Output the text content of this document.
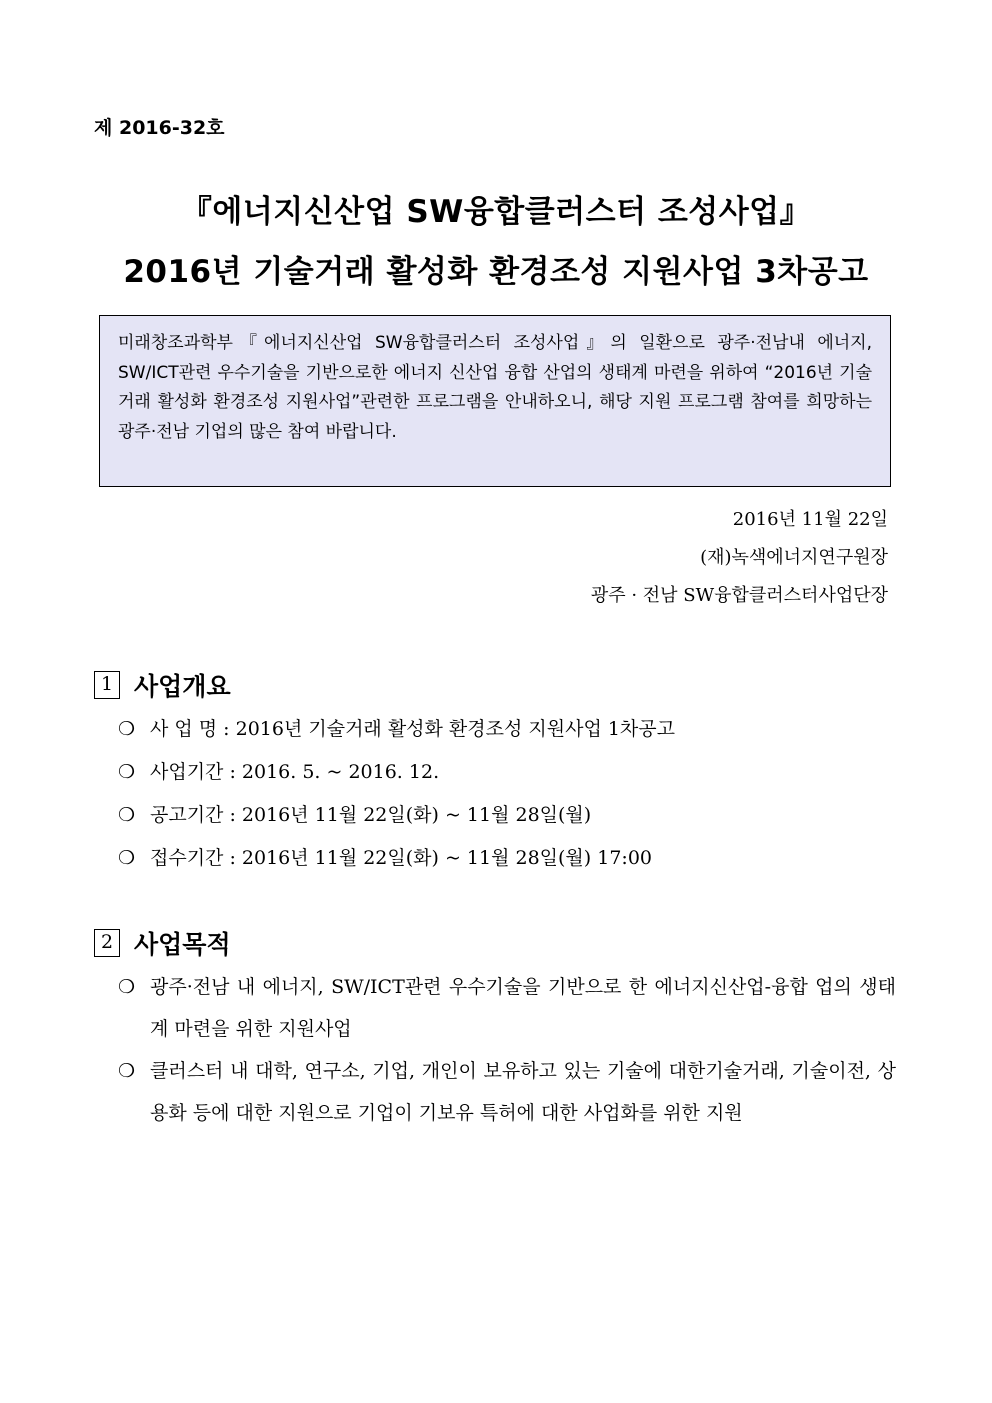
제 2016-32호
『에너지신산업 SW융합클러스터 조성사업』
2016년 기술거래 활성화 환경조성 지원사업 3차공고
미래창조과학부『에너지신산업 SW융합클러스터 조성사업』의 일환으로 광주·전남내 에너지, SW/ICT관련 우수기술을 기반으로한 에너지 신산업 융합 산업의 생태계 마련을 위하여 “2016년 기술거래 활성화 환경조성 지원사업”관련한 프로그램을 안내하오니, 해당 지원 프로그램 참여를 희망하는 광주·전남 기업의 많은 참여 바랍니다.
2016년 11월 22일
(재)녹색에너지연구원장
광주 · 전남 SW융합클러스터사업단장
1 사업개요
❍ 사 업 명 : 2016년 기술거래 활성화 환경조성 지원사업 1차공고
❍ 사업기간 : 2016. 5. ~ 2016. 12.
❍ 공고기간 : 2016년 11월 22일(화) ~ 11월 28일(월)
❍ 접수기간 : 2016년 11월 22일(화) ~ 11월 28일(월) 17:00
2 사업목적
❍ 광주·전남 내 에너지, SW/ICT관련 우수기술을 기반으로 한 에너지신산업-융합 업의 생태계 마련을 위한 지원사업
❍ 클러스터 내 대학, 연구소, 기업, 개인이 보유하고 있는 기술에 대한기술거래, 기술이전, 상용화 등에 대한 지원으로 기업이 기보유 특허에 대한 사업화를 위한 지원
